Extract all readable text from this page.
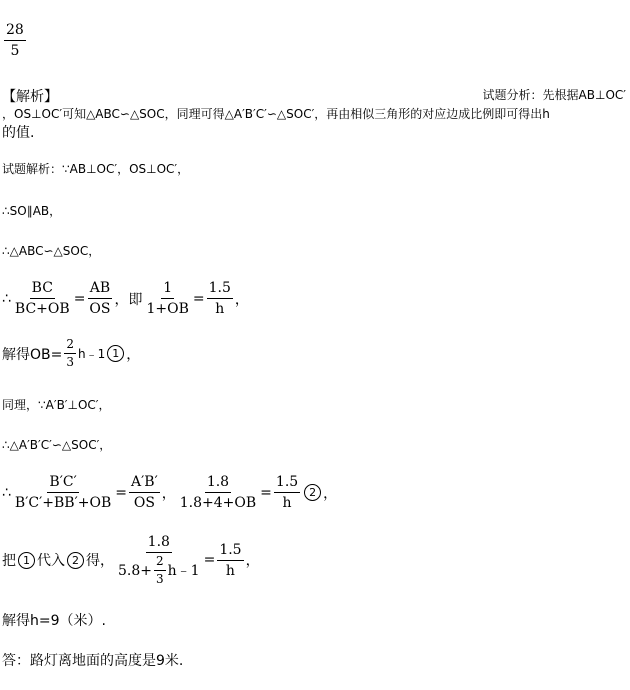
$\frac{28}{5}$
【解析】	试题分析：先根据AB⊥OC′
，OS⊥OC′可知△ABC∽△SOC，同理可得△A′B′C′∽△SOC′，再由相似三角形的对应边成比例即可得出h
的值.
试题解析：∵AB⊥OC′，OS⊥OC′，
∴SO∥AB，
∴△ABC∽△SOC，
∴ $\frac{BC}{BC+OB} = \frac{AB}{OS}$ ，即 $\frac{1}{1+OB} = \frac{1.5}{h}$ ，
解得$OB= \frac{2}{3}$ h﹣1 1 ，
同理，∵A′B′⊥OC′，
∴△A′B′C′∽△SOC′，
∴ $\frac{B'C'}{B'C'+BB'+OB} = \frac{A'B'}{OS}$ ， $\frac{1.8}{1.8+4+OB} = \frac{1.5}{h} 2$ ，
把 1 代入 2 得， $\frac{1.8}{5.8+ \frac{2}{3} h﹣1} = \frac{1.5}{h}$ ，
解得h=9（米）.
答：路灯离地面的高度是9米.
